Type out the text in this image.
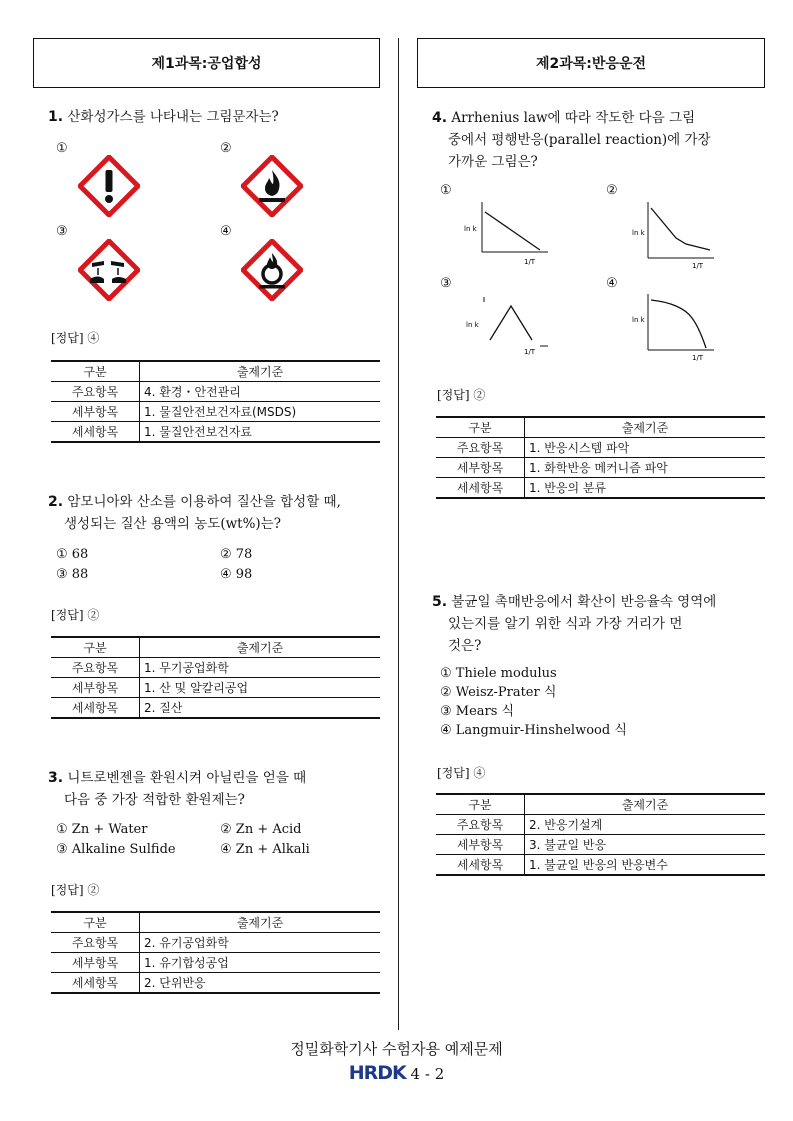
제1과목:공업합성
1. 산화성가스를 나타내는 그림문자는?
①	②
③	④
[정답] ④
구분	출제기준
주요항목	4. 환경・안전관리
세부항목	1. 물질안전보건자료(MSDS)
세세항목	1. 물질안전보건자료
2. 암모니아와 산소를 이용하여 질산을 합성할 때,
생성되는 질산 용액의 농도(wt%)는?
① 68	② 78
③ 88	④ 98
[정답] ②
구분	출제기준
주요항목	1. 무기공업화학
세부항목	1. 산 및 알칼리공업
세세항목	2. 질산
3. 니트로벤젠을 환원시켜 아닐린을 얻을 때
다음 중 가장 적합한 환원제는?
① Zn + Water	② Zn + Acid
③ Alkaline Sulfide	④ Zn + Alkali
[정답] ②
구분	출제기준
주요항목	2. 유기공업화학
세부항목	1. 유기합성공업
세세항목	2. 단위반응
제2과목:반응운전
4. Arrhenius law에 따라 작도한 다음 그림
중에서 평행반응(parallel reaction)에 가장
가까운 그림은?
①	②
③	④
ln k
1/T
ln k
1/T
ln k
1/T
ln k
1/T
[정답] ②
구분	출제기준
주요항목	1. 반응시스템 파악
세부항목	1. 화학반응 메커니즘 파악
세세항목	1. 반응의 분류
5. 불균일 촉매반응에서 확산이 반응율속 영역에
있는지를 알기 위한 식과 가장 거리가 먼
것은?
① Thiele modulus
② Weisz-Prater 식
③ Mears 식
④ Langmuir-Hinshelwood 식
[정답] ④
구분	출제기준
주요항목	2. 반응기설계
세부항목	3. 불균일 반응
세세항목	1. 불균일 반응의 반응변수
정밀화학기사 수험자용 예제문제
HRDK 4 - 2
